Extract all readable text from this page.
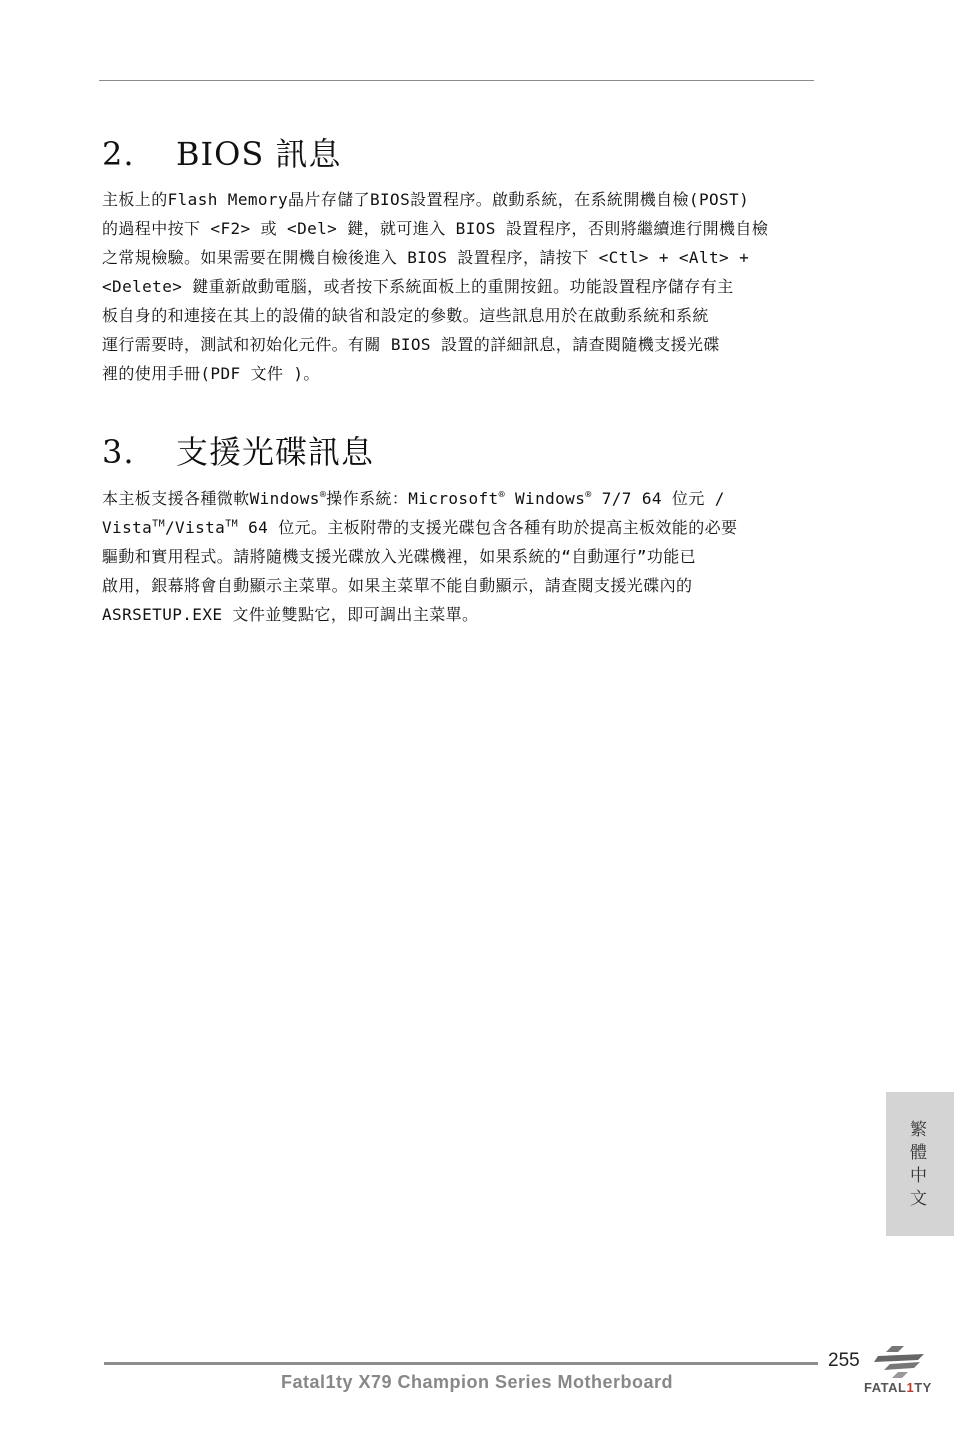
2. BIOS 訊息

主板上的Flash Memory晶片存儲了BIOS設置程序。啟動系統，在系統開機自檢(POST)
的過程中按下 <F2> 或 <Del> 鍵，就可進入 BIOS 設置程序，否則將繼續進行開機自檢
之常規檢驗。如果需要在開機自檢後進入 BIOS 設置程序，請按下 <Ctl> + <Alt> +
<Delete> 鍵重新啟動電腦，或者按下系統面板上的重開按鈕。功能設置程序儲存有主
板自身的和連接在其上的設備的缺省和設定的參數。這些訊息用於在啟動系統和系統
運行需要時，測試和初始化元件。有關 BIOS 設置的詳細訊息，請查閱隨機支援光碟
裡的使用手冊(PDF 文件 )。

3. 支援光碟訊息

本主板支援各種微軟Windows®操作系統：Microsoft® Windows® 7/7 64 位元 /
Vista™/Vista™ 64 位元。主板附帶的支援光碟包含各種有助於提高主板效能的必要
驅動和實用程式。請將隨機支援光碟放入光碟機裡，如果系統的“自動運行”功能已
啟用，銀幕將會自動顯示主菜單。如果主菜單不能自動顯示，請查閱支援光碟內的
ASRSETUP.EXE 文件並雙點它，即可調出主菜單。

繁體中文
255
Fatal1ty X79 Champion Series Motherboard	FATAL1TY
